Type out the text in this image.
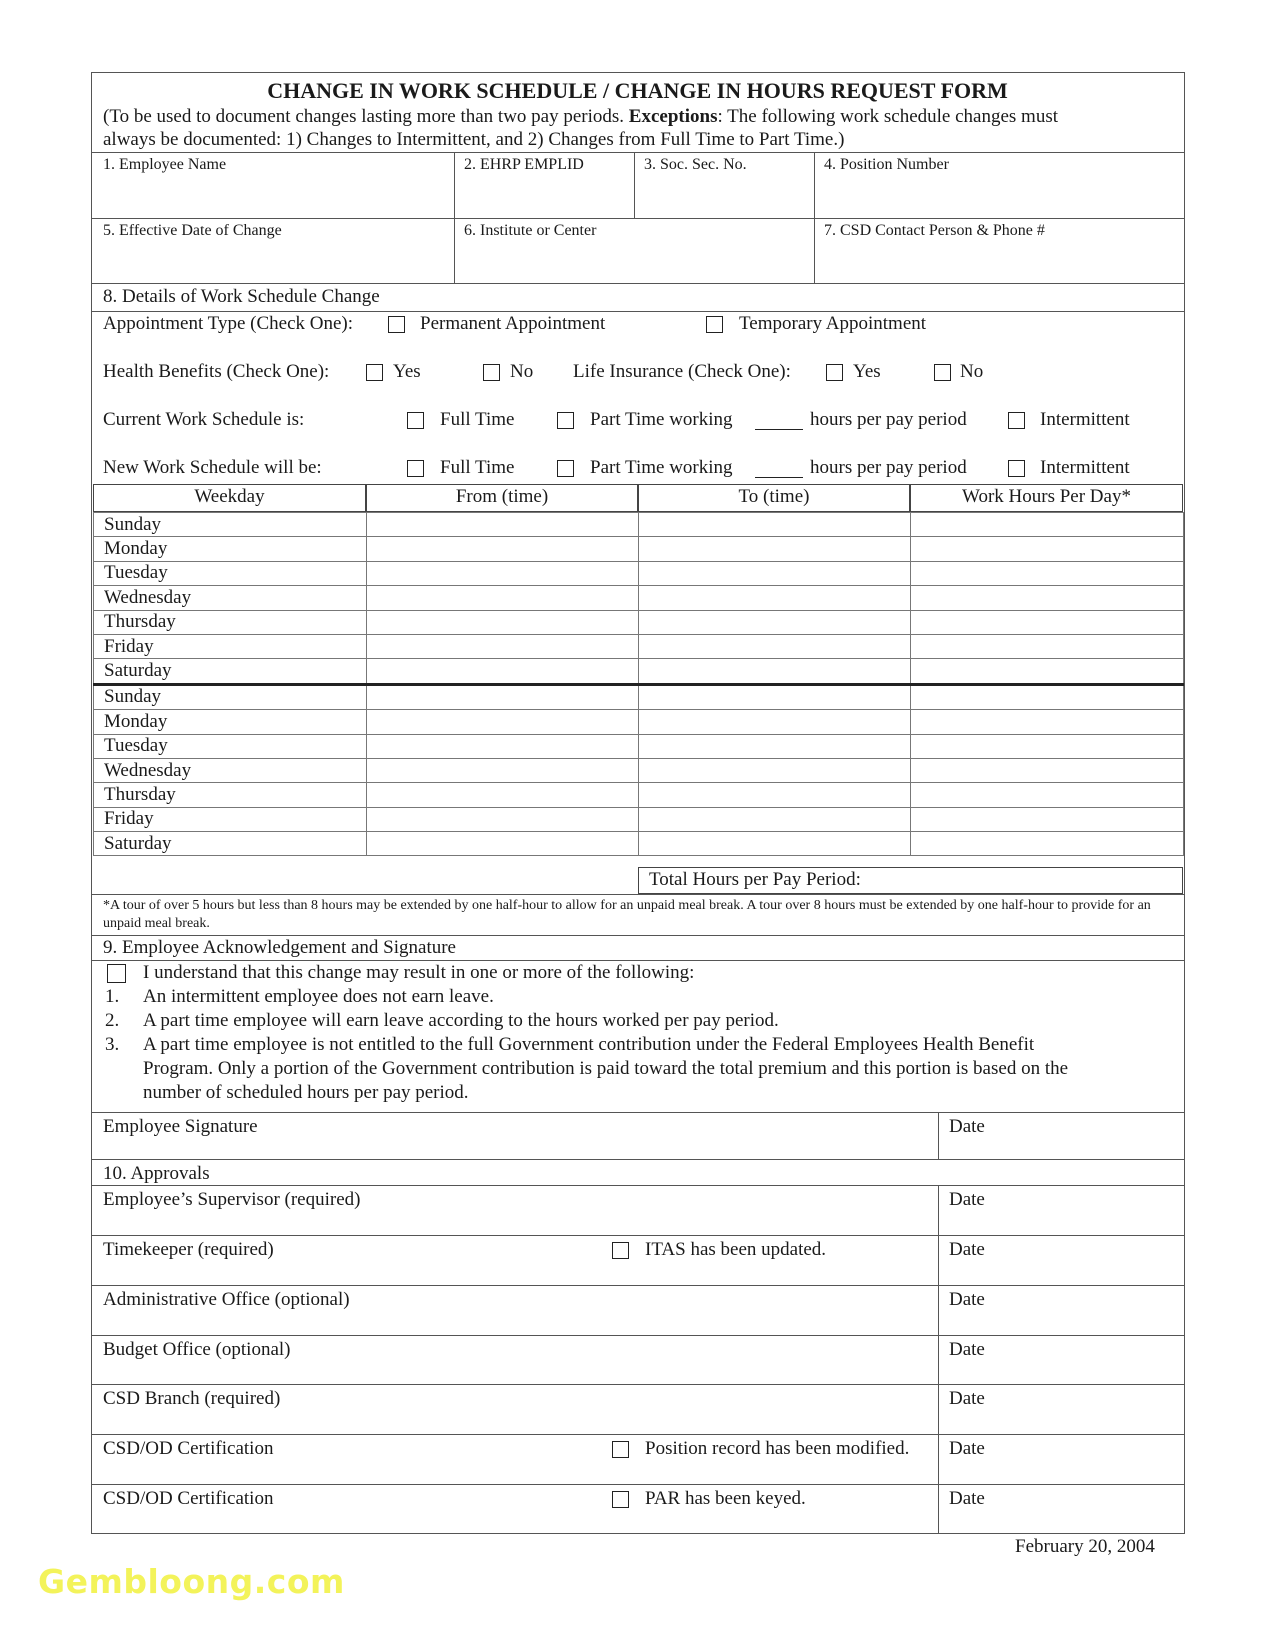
CHANGE IN WORK SCHEDULE / CHANGE IN HOURS REQUEST FORM
(To be used to document changes lasting more than two pay periods. Exceptions: The following work schedule changes must
always be documented: 1) Changes to Intermittent, and 2) Changes from Full Time to Part Time.)
1. Employee Name	2. EHRP EMPLID	3. Soc. Sec. No.	4. Position Number
5. Effective Date of Change	6. Institute or Center	7. CSD Contact Person & Phone #
8. Details of Work Schedule Change
Appointment Type (Check One):	Permanent Appointment	Temporary Appointment
Health Benefits (Check One):	Yes	No Life Insurance (Check One):	Yes	No
Current Work Schedule is:	Full Time	Part Time working	hours per pay period	Intermittent
New Work Schedule will be:	Full Time	Part Time working	hours per pay period	Intermittent
Weekday	From (time)	To (time)	Work Hours Per Day*
Sunday			
Monday			
Tuesday			
Wednesday			
Thursday			
Friday			
Saturday			
Sunday			
Monday			
Tuesday			
Wednesday			
Thursday			
Friday			
Saturday			
Total Hours per Pay Period:
*A tour of over 5 hours but less than 8 hours may be extended by one half-hour to allow for an unpaid meal break. A tour over 8 hours must be extended by one half-hour to provide for an unpaid meal break.
9. Employee Acknowledgement and Signature
I understand that this change may result in one or more of the following:
1. An intermittent employee does not earn leave.
2. A part time employee will earn leave according to the hours worked per pay period.
3. A part time employee is not entitled to the full Government contribution under the Federal Employees Health Benefit
Program. Only a portion of the Government contribution is paid toward the total premium and this portion is based on the
number of scheduled hours per pay period.
Employee Signature	Date
10. Approvals
Employee’s Supervisor (required)	Date
Timekeeper (required)	ITAS has been updated.	Date
Administrative Office (optional)	Date
Budget Office (optional)	Date
CSD Branch (required)	Date
CSD/OD Certification	Position record has been modified. Date
CSD/OD Certification	PAR has been keyed.	Date
February 20, 2004
Gembloong.com
